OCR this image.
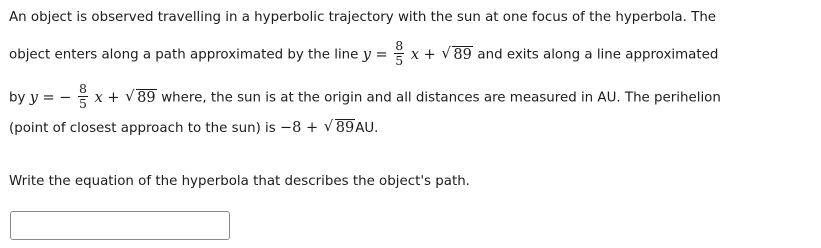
An object is observed travelling in a hyperbolic trajectory with the sun at one focus of the hyperbola. The
object enters along a path approximated by the line $y = \frac{8}{5}$ x + √ 89 and exits along a line approximated
by y = − $\frac{8}{5}$ x + √ 89 where, the sun is at the origin and all distances are measured in AU. The perihelion
(point of closest approach to the sun) is −8 + √ 89AU.
Write the equation of the hyperbola that describes the object's path.
